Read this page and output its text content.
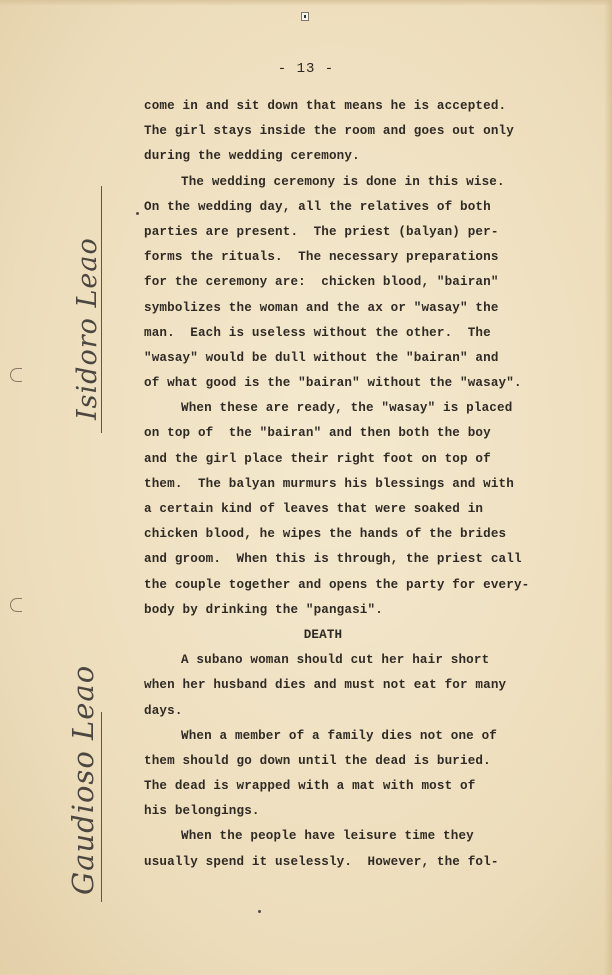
Isidoro Leao
Gaudioso Leao
- 13 -
come in and sit down that means he is accepted.
The girl stays inside the room and goes out only
during the wedding ceremony.
The wedding ceremony is done in this wise.
On the wedding day, all the relatives of both
parties are present.  The priest (balyan) per-
forms the rituals.  The necessary preparations
for the ceremony are:  chicken blood, "bairan"
symbolizes the woman and the ax or "wasay" the
man.  Each is useless without the other.  The
"wasay" would be dull without the "bairan" and
of what good is the "bairan" without the "wasay".
When these are ready, the "wasay" is placed
on top of  the "bairan" and then both the boy
and the girl place their right foot on top of
them.  The balyan murmurs his blessings and with
a certain kind of leaves that were soaked in
chicken blood, he wipes the hands of the brides
and groom.  When this is through, the priest call
the couple together and opens the party for every-
body by drinking the "pangasi".
DEATH
A subano woman should cut her hair short
when her husband dies and must not eat for many
days.
When a member of a family dies not one of
them should go down until the dead is buried.
The dead is wrapped with a mat with most of
his belongings.
When the people have leisure time they
usually spend it uselessly.  However, the fol-
